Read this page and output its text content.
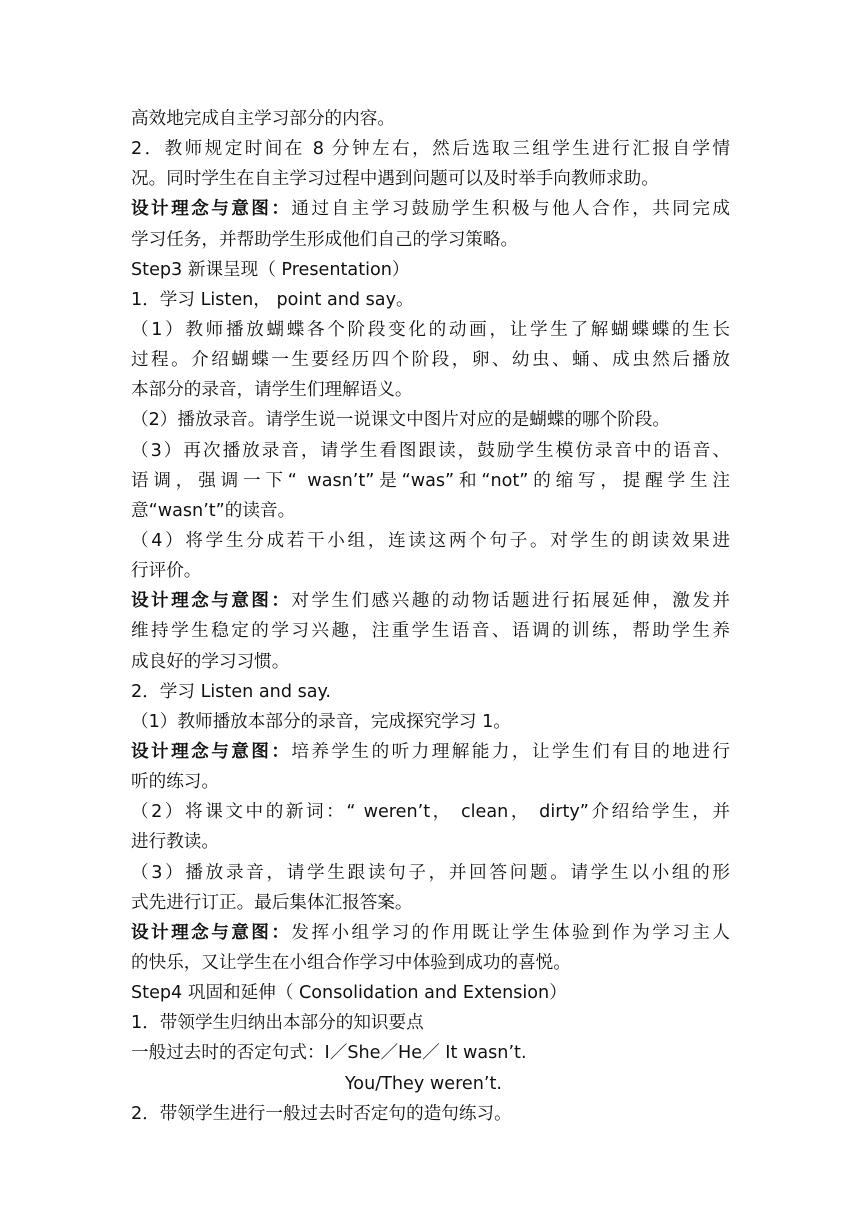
高效地完成自主学习部分的内容。
2．教师规定时间在 8 分钟左右，然后选取三组学生进行汇报自学情
况。同时学生在自主学习过程中遇到问题可以及时举手向教师求助。
设计理念与意图：通过自主学习鼓励学生积极与他人合作，共同完成
学习任务，并帮助学生形成他们自己的学习策略。
Step3 新课呈现（ Presentation）
1．学习 Listen， point and say。
（1）教师播放蝴蝶各个阶段变化的动画，让学生了解蝴蝶蝶的生长
过程。介绍蝴蝶一生要经历四个阶段，卵、幼虫、蛹、成虫然后播放
本部分的录音，请学生们理解语义。
（2）播放录音。请学生说一说课文中图片对应的是蝴蝶的哪个阶段。
（3）再次播放录音，请学生看图跟读，鼓励学生模仿录音中的语音、
语调，强调一下“ wasn’t”是“was”和“not”的缩写，提醒学生注
意“wasn’t”的读音。
（4）将学生分成若干小组，连读这两个句子。对学生的朗读效果进
行评价。
设计理念与意图：对学生们感兴趣的动物话题进行拓展延伸，激发并
维持学生稳定的学习兴趣，注重学生语音、语调的训练，帮助学生养
成良好的学习习惯。
2．学习 Listen and say.
（1）教师播放本部分的录音，完成探究学习 1。
设计理念与意图：培养学生的听力理解能力，让学生们有目的地进行
听的练习。
（2）将课文中的新词：“ weren’t， clean， dirty”介绍给学生，并
进行教读。
（3）播放录音，请学生跟读句子，并回答问题。请学生以小组的形
式先进行订正。最后集体汇报答案。
设计理念与意图：发挥小组学习的作用既让学生体验到作为学习主人
的快乐，又让学生在小组合作学习中体验到成功的喜悦。
Step4 巩固和延伸（ Consolidation and Extension）
1．带领学生归纳出本部分的知识要点
一般过去时的否定句式：I／She／He／ It wasn’t.
You/They weren’t.
2．带领学生进行一般过去时否定句的造句练习。
